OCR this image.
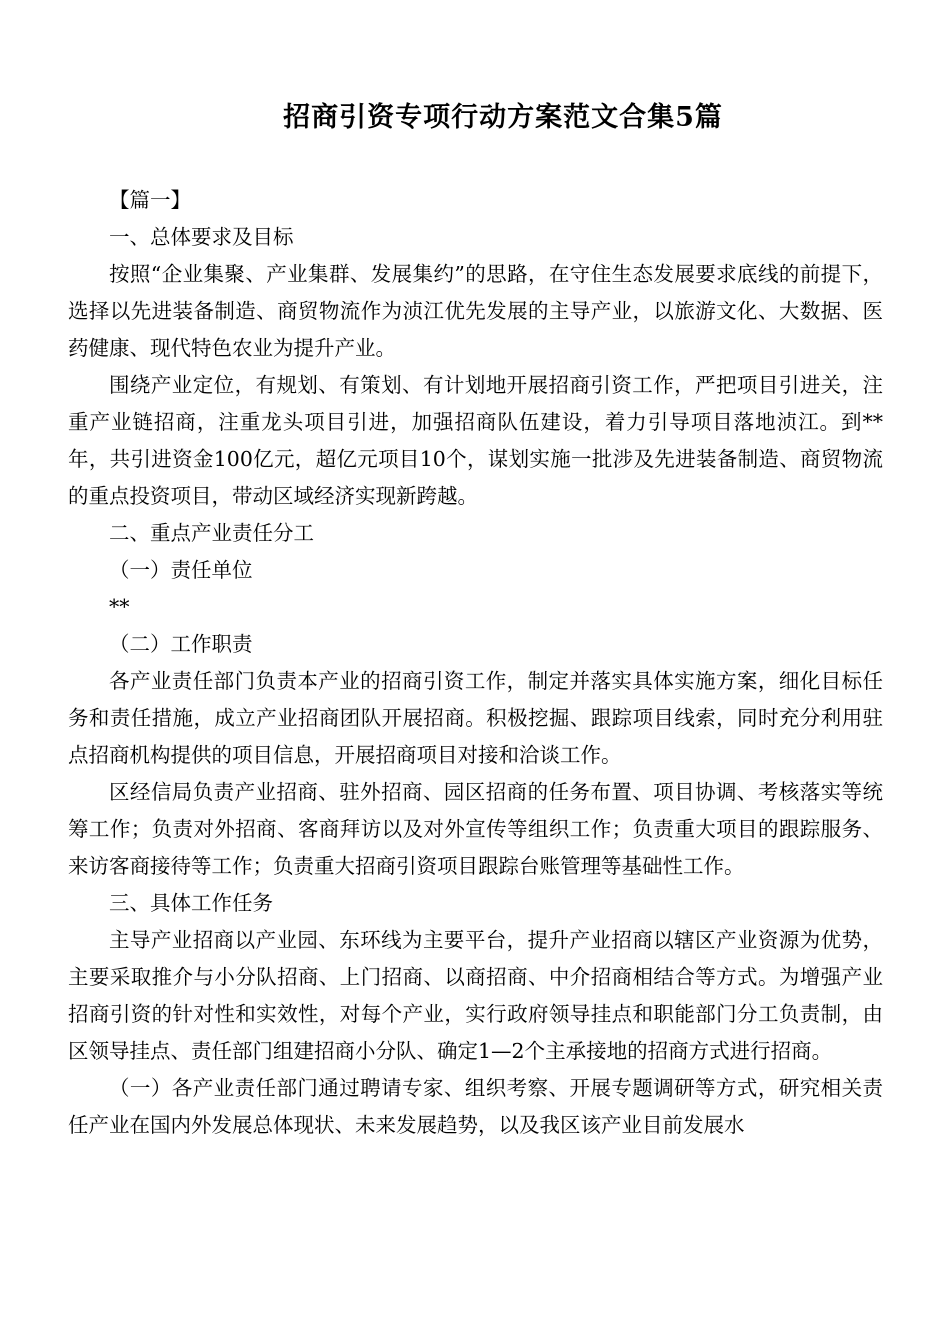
招商引资专项行动方案范文合集5篇

【篇一】

一、总体要求及目标

按照“企业集聚、产业集群、发展集约”的思路，在守住生态发展要求底线的前提下，选择以先进装备制造、商贸物流作为浈江优先发展的主导产业，以旅游文化、大数据、医药健康、现代特色农业为提升产业。

围绕产业定位，有规划、有策划、有计划地开展招商引资工作，严把项目引进关，注重产业链招商，注重龙头项目引进，加强招商队伍建设，着力引导项目落地浈江。到**年，共引进资金100亿元，超亿元项目10个，谋划实施一批涉及先进装备制造、商贸物流的重点投资项目，带动区域经济实现新跨越。

二、重点产业责任分工

（一）责任单位

**

（二）工作职责

各产业责任部门负责本产业的招商引资工作，制定并落实具体实施方案，细化目标任务和责任措施，成立产业招商团队开展招商。积极挖掘、跟踪项目线索，同时充分利用驻点招商机构提供的项目信息，开展招商项目对接和洽谈工作。

区经信局负责产业招商、驻外招商、园区招商的任务布置、项目协调、考核落实等统筹工作；负责对外招商、客商拜访以及对外宣传等组织工作；负责重大项目的跟踪服务、来访客商接待等工作；负责重大招商引资项目跟踪台账管理等基础性工作。

三、具体工作任务

主导产业招商以产业园、东环线为主要平台，提升产业招商以辖区产业资源为优势，主要采取推介与小分队招商、上门招商、以商招商、中介招商相结合等方式。为增强产业招商引资的针对性和实效性，对每个产业，实行政府领导挂点和职能部门分工负责制，由区领导挂点、责任部门组建招商小分队、确定1—2个主承接地的招商方式进行招商。

（一）各产业责任部门通过聘请专家、组织考察、开展专题调研等方式，研究相关责任产业在国内外发展总体现状、未来发展趋势，以及我区该产业目前发展水
